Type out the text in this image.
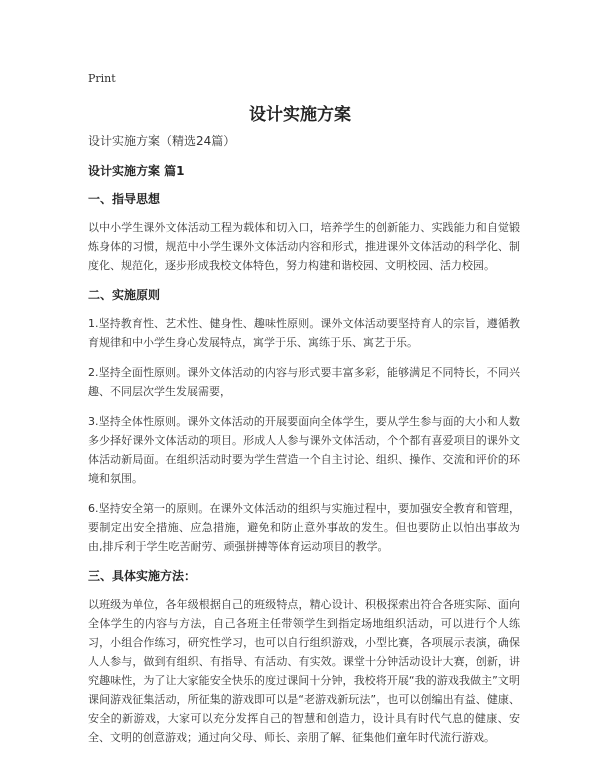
Print
设计实施方案
设计实施方案（精选24篇）
设计实施方案 篇1
一、指导思想
以中小学生课外文体活动工程为载体和切入口，培养学生的创新能力、实践能力和自觉锻炼身体的习惯，规范中小学生课外文体活动内容和形式，推进课外文体活动的科学化、制度化、规范化，逐步形成我校文体特色，努力构建和谐校园、文明校园、活力校园。
二、实施原则
1.坚持教育性、艺术性、健身性、趣味性原则。课外文体活动要坚持育人的宗旨，遵循教育规律和中小学生身心发展特点，寓学于乐、寓练于乐、寓艺于乐。
2.坚持全面性原则。课外文体活动的内容与形式要丰富多彩，能够满足不同特长，不同兴趣、不同层次学生发展需要，
3.坚持全体性原则。课外文体活动的开展要面向全体学生，要从学生参与面的大小和人数多少择好课外文体活动的项目。形成人人参与课外文体活动，个个都有喜爱项目的课外文体活动新局面。在组织活动时要为学生营造一个自主讨论、组织、操作、交流和评价的环境和氛围。
6.坚持安全第一的原则。在课外文体活动的组织与实施过程中，要加强安全教育和管理，要制定出安全措施、应急措施，避免和防止意外事故的发生。但也要防止以怕出事故为由,排斥利于学生吃苦耐劳、顽强拼搏等体育运动项目的教学。
三、具体实施方法：
以班级为单位，各年级根据自己的班级特点，精心设计、积极探索出符合各班实际、面向全体学生的内容与方法，自己各班主任带领学生到指定场地组织活动，可以进行个人练习，小组合作练习，研究性学习，也可以自行组织游戏，小型比赛，各项展示表演，确保人人参与，做到有组织、有指导、有活动、有实效。课堂十分钟活动设计大赛，创新，讲究趣味性，为了让大家能安全快乐的度过课间十分钟，我校将开展“我的游戏我做主”文明课间游戏征集活动，所征集的游戏即可以是“老游戏新玩法”，也可以创编出有益、健康、安全的新游戏，大家可以充分发挥自己的智慧和创造力，设计具有时代气息的健康、安全、文明的创意游戏；通过向父母、师长、亲朋了解、征集他们童年时代流行游戏。
